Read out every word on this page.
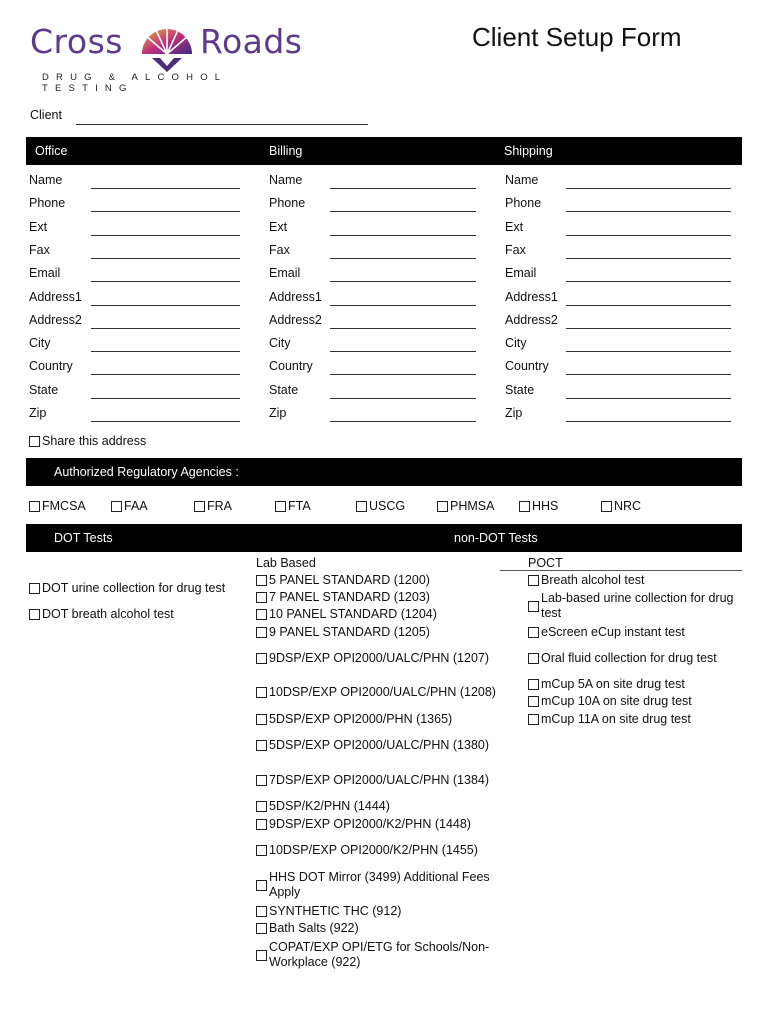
Cross Roads
DRUG & ALCOHOL TESTING
Client Setup Form
Client
Office	Billing	Shipping
Name	Name	Name
Phone	Phone	Phone
Ext	Ext	Ext
Fax	Fax	Fax
Email	Email	Email
Address1	Address1	Address1
Address2	Address2	Address2
City	City	City
Country	Country	Country
State	State	State
Zip	Zip	Zip
Share this address
Authorized Regulatory Agencies :
FMCSA	FAA	FRA	FTA	USCG	PHMSA	HHS	NRC
DOT Tests	non-DOT Tests
Lab Based	POCT
DOT urine collection for drug test
DOT breath alcohol test
5 PANEL STANDARD (1200)
7 PANEL STANDARD (1203)
10 PANEL STANDARD (1204)
9 PANEL STANDARD (1205)
9DSP/EXP OPI2000/UALC/PHN (1207)
10DSP/EXP OPI2000/UALC/PHN (1208)
5DSP/EXP OPI2000/PHN (1365)
5DSP/EXP OPI2000/UALC/PHN (1380)
7DSP/EXP OPI2000/UALC/PHN (1384)
5DSP/K2/PHN (1444)
9DSP/EXP OPI2000/K2/PHN (1448)
10DSP/EXP OPI2000/K2/PHN (1455)
HHS DOT Mirror (3499) Additional Fees Apply
SYNTHETIC THC (912)
Bath Salts (922)
COPAT/EXP OPI/ETG for Schools/Non-Workplace (922)
Breath alcohol test
Lab-based urine collection for drug test
eScreen eCup instant test
Oral fluid collection for drug test
mCup 5A on site drug test
mCup 10A on site drug test
mCup 11A on site drug test
